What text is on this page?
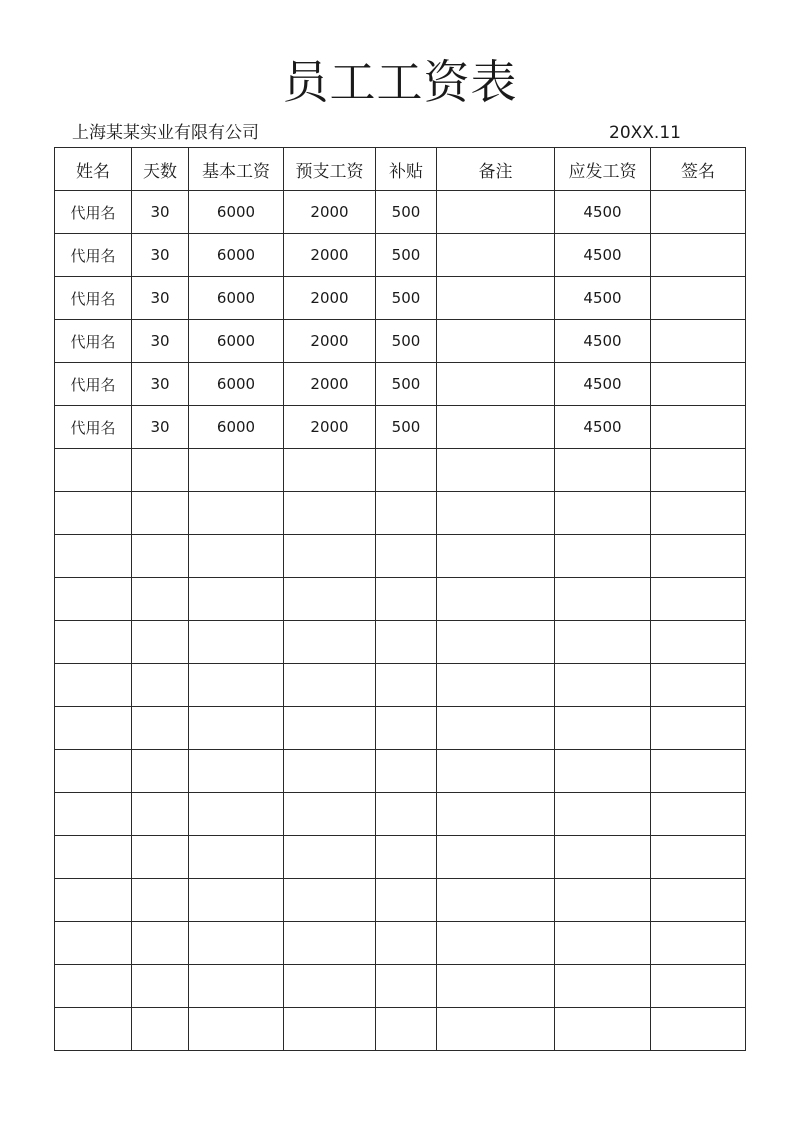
员工工资表
上海某某实业有限有公司	20XX.11
姓名	天数	基本工资	预支工资	补贴	备注	应发工资	签名
代用名	30	6000	2000	500		4500	
代用名	30	6000	2000	500		4500	
代用名	30	6000	2000	500		4500	
代用名	30	6000	2000	500		4500	
代用名	30	6000	2000	500		4500	
代用名	30	6000	2000	500		4500	
